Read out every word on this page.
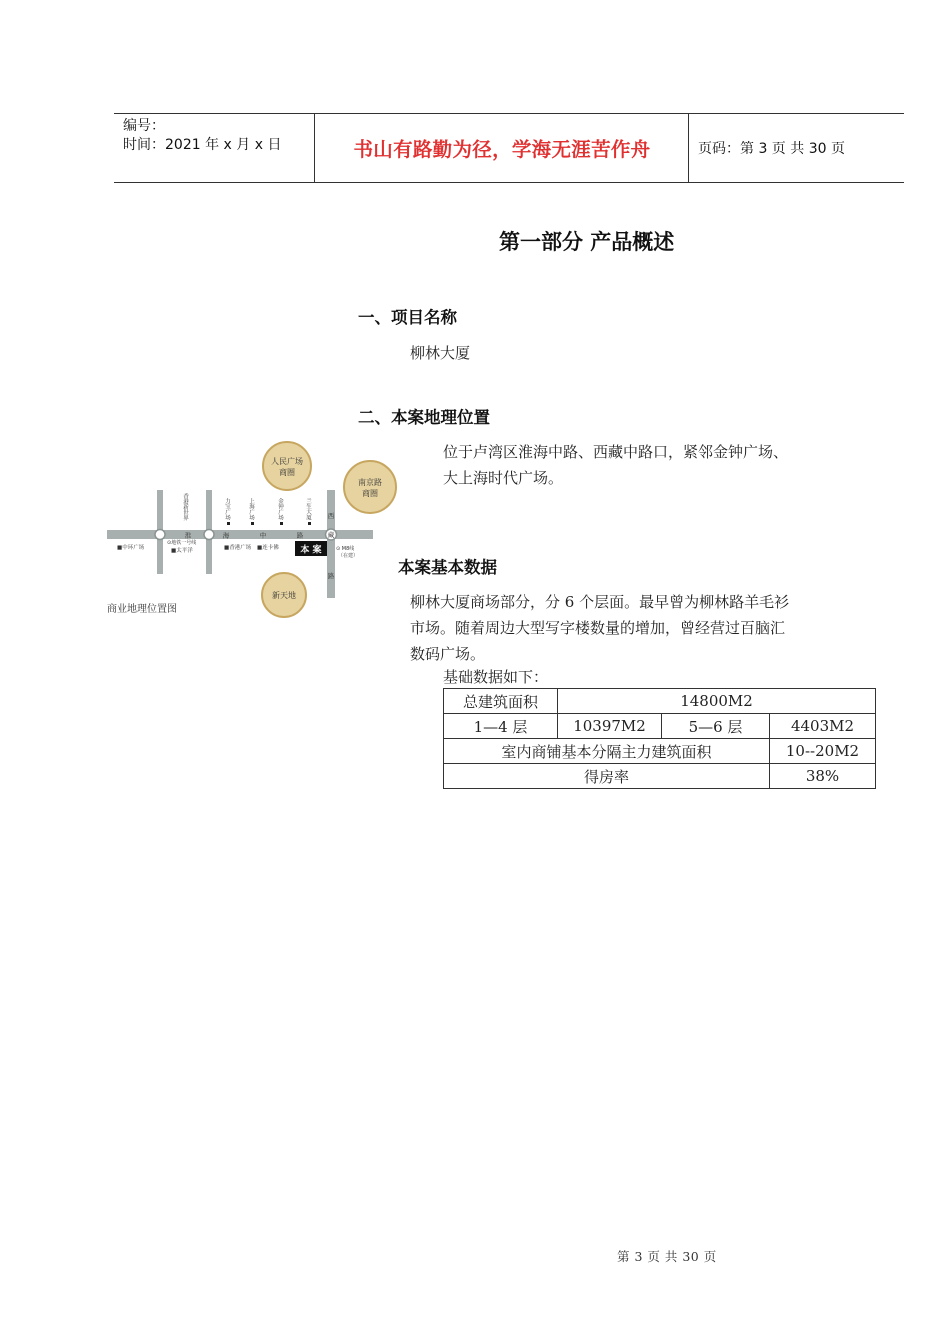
编号：
时间：2021 年 x 月 x 日	书山有路勤为径，学海无涯苦作舟	页码：第 3 页 共 30 页
第一部分 产品概述
一、项目名称
柳林大厦
二、本案地理位置
位于卢湾区淮海中路、西藏中路口，紧邻金钟广场、
大上海时代广场。
人民广场
商圈
南京路
商圈
新天地
淮	海	中	路	藏
西
路
本 案
香港新世界	力宝广场	上海广场	金钟广场	兰生大厦
■中环广场
⊙地铁一号线
■太平洋	■香港广场 ■连卡佛	⊙ M8线
（在建）
商业地理位置图
本案基本数据
柳林大厦商场部分，分 6 个层面。最早曾为柳林路羊毛衫
市场。随着周边大型写字楼数量的增加，曾经营过百脑汇
数码广场。
基础数据如下：
总建筑面积	14800M2		
1—4 层	10397M2	5—6 层	4403M2
室内商铺基本分隔主力建筑面积			10--20M2
得房率			38%
第 3 页 共 30 页
